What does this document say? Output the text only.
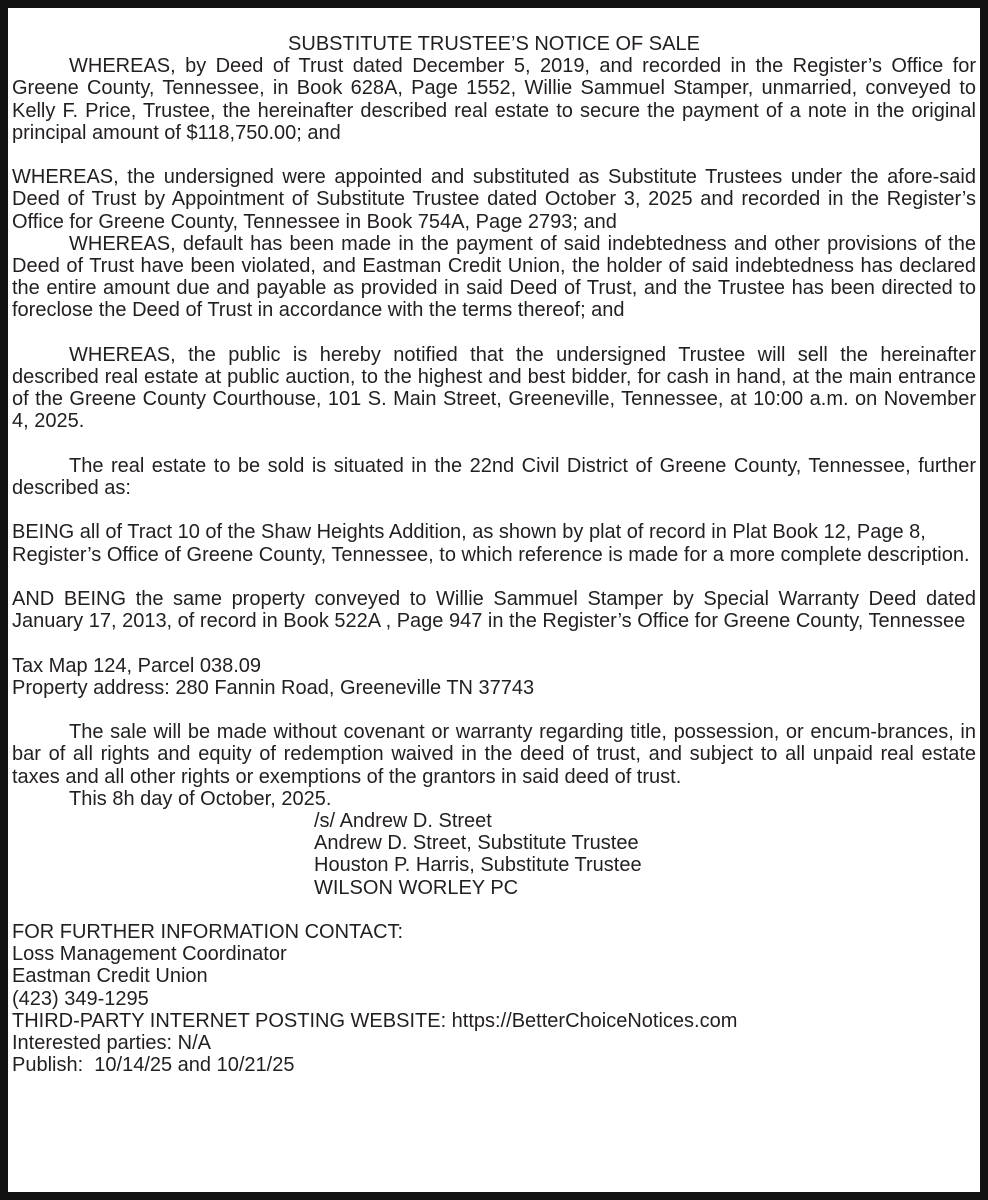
SUBSTITUTE TRUSTEE’S NOTICE OF SALE

WHEREAS, by Deed of Trust dated December 5, 2019, and recorded in the Register’s Office for Greene County, Tennessee, in Book 628A, Page 1552, Willie Sammuel Stamper, unmarried, conveyed to Kelly F. Price, Trustee, the hereinafter described real estate to secure the payment of a note in the original principal amount of $118,750.00; and

WHEREAS, the undersigned were appointed and substituted as Substitute Trustees under the afore-said Deed of Trust by Appointment of Substitute Trustee dated October 3, 2025 and recorded in the Register’s Office for Greene County, Tennessee in Book 754A, Page 2793; and

WHEREAS, default has been made in the payment of said indebtedness and other provisions of the Deed of Trust have been violated, and Eastman Credit Union, the holder of said indebtedness has declared the entire amount due and payable as provided in said Deed of Trust, and the Trustee has been directed to foreclose the Deed of Trust in accordance with the terms thereof; and

WHEREAS, the public is hereby notified that the undersigned Trustee will sell the hereinafter described real estate at public auction, to the highest and best bidder, for cash in hand, at the main entrance of the Greene County Courthouse, 101 S. Main Street, Greeneville, Tennessee, at 10:00 a.m. on November 4, 2025.

The real estate to be sold is situated in the 22nd Civil District of Greene County, Tennessee, further described as:

BEING all of Tract 10 of the Shaw Heights Addition, as shown by plat of record in Plat Book 12, Page 8,

Register’s Office of Greene County, Tennessee, to which reference is made for a more complete description.

AND BEING the same property conveyed to Willie Sammuel Stamper by Special Warranty Deed dated January 17, 2013, of record in Book 522A , Page 947 in the Register’s Office for Greene County, Tennessee

Tax Map 124, Parcel 038.09
Property address: 280 Fannin Road, Greeneville TN 37743

The sale will be made without covenant or warranty regarding title, possession, or encum-brances, in bar of all rights and equity of redemption waived in the deed of trust, and subject to all unpaid real estate taxes and all other rights or exemptions of the grantors in said deed of trust.

This 8h day of October, 2025.
/s/ Andrew D. Street
Andrew D. Street, Substitute Trustee
Houston P. Harris, Substitute Trustee
WILSON WORLEY PC
FOR FURTHER INFORMATION CONTACT:
Loss Management Coordinator
Eastman Credit Union
(423) 349-1295
THIRD-PARTY INTERNET POSTING WEBSITE: https://BetterChoiceNotices.com
Interested parties: N/A
Publish:  10/14/25 and 10/21/25
